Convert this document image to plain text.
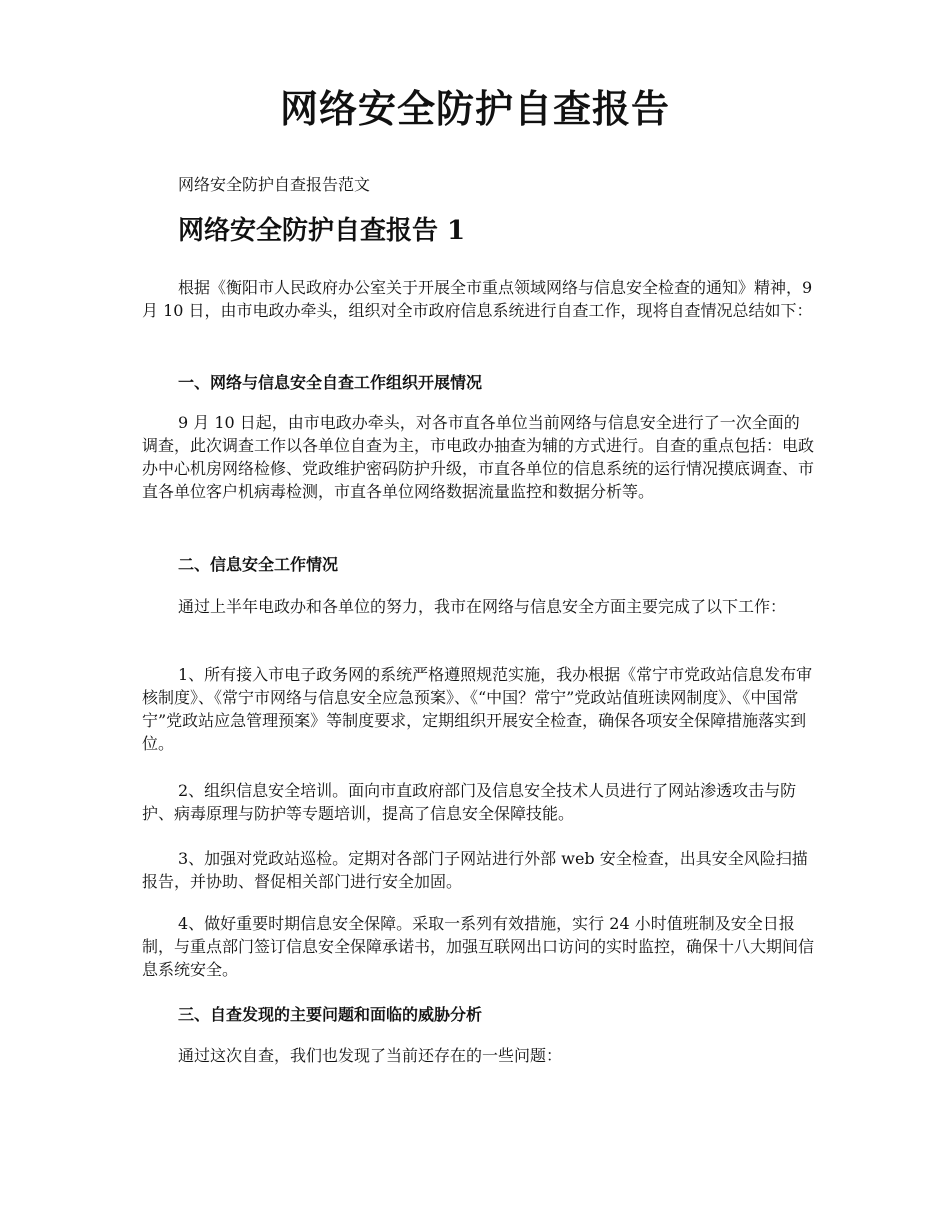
网络安全防护自查报告

网络安全防护自查报告范文

网络安全防护自查报告 1

根据《衡阳市人民政府办公室关于开展全市重点领域网络与信息安全检查的通知》精神，9 月 10 日，由市电政办牵头，组织对全市政府信息系统进行自查工作，现将自查情况总结如下：

一、网络与信息安全自查工作组织开展情况

9 月 10 日起，由市电政办牵头，对各市直各单位当前网络与信息安全进行了一次全面的调查，此次调查工作以各单位自查为主，市电政办抽查为辅的方式进行。自查的重点包括：电政办中心机房网络检修、党政维护密码防护升级，市直各单位的信息系统的运行情况摸底调查、市直各单位客户机病毒检测，市直各单位网络数据流量监控和数据分析等。

二、信息安全工作情况

通过上半年电政办和各单位的努力，我市在网络与信息安全方面主要完成了以下工作：

1、所有接入市电子政务网的系统严格遵照规范实施，我办根据《常宁市党政站信息发布审核制度》、《常宁市网络与信息安全应急预案》、《“中国？常宁”党政站值班读网制度》、《中国常宁”党政站应急管理预案》等制度要求，定期组织开展安全检查，确保各项安全保障措施落实到位。

2、组织信息安全培训。面向市直政府部门及信息安全技术人员进行了网站渗透攻击与防护、病毒原理与防护等专题培训，提高了信息安全保障技能。

3、加强对党政站巡检。定期对各部门子网站进行外部 web 安全检查，出具安全风险扫描报告，并协助、督促相关部门进行安全加固。

4、做好重要时期信息安全保障。采取一系列有效措施，实行 24 小时值班制及安全日报制，与重点部门签订信息安全保障承诺书，加强互联网出口访问的实时监控，确保十八大期间信息系统安全。

三、自查发现的主要问题和面临的威胁分析

通过这次自查，我们也发现了当前还存在的一些问题：
